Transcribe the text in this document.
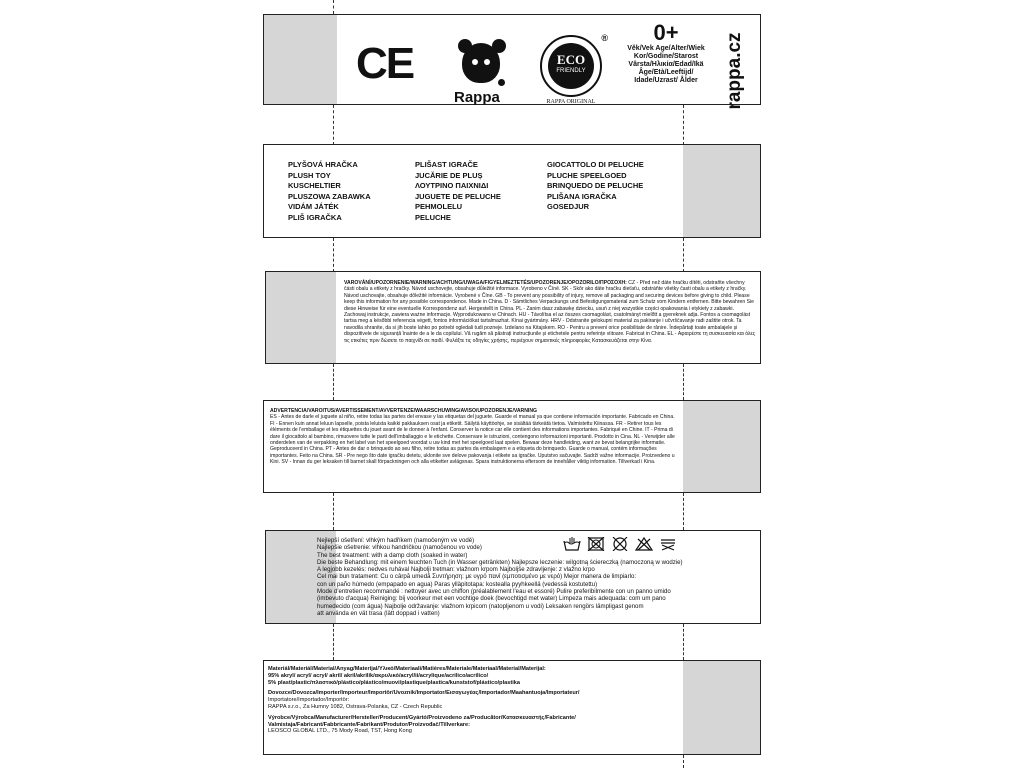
CE
Rappa
ECO
FRIENDLY
®
RAPPA ORIGINAL
0+
Věk/Vek Age/Alter/Wiek Kor/Godine/Starost Vârsta/Ηλικία/Edad/Ikä Âge/Età/Leeftijd/ Idade/Uzrast/ Ålder	rappa.cz
PLYŠOVÁ HRAČKA
PLUSH TOY
KUSCHELTIER
PLUSZOWA ZABAWKA
VIDÁM JÁTÉK
PLIŠ IGRAČKA
PLIŠAST IGRAČE
JUCĂRIE DE PLUȘ
ΛΟΥΤΡΙΝΟ ΠΑΙΧΝΙΔΙ
JUGUETE DE PELUCHE
PEHMOLELU
PELUCHE
GIOCATTOLO DI PELUCHE
PLUCHE SPEELGOED
BRINQUEDO DE PELUCHE
PLIŠANA IGRAČKA
GOSEDJUR
VAROVÁNÍ/UPOZORNENIE/WARNING/ACHTUNG/UWAGA/FIGYELMEZTETÉS/UPOZORENJE/OPOZORILO/ΠΡΟΣΟΧΗ: CZ - Před než dáte hračku dítěti, odstraňte všechny části obalu a etikety z hračky. Návod uschovejte, obsahuje důležité informace. Vyrobeno v Číně. SK - Skôr ako dáte hračku dieťaťu, odstráňte všetky časti obalu a etikety z hračky. Návod uschovajte, obsahuje dôležité informácie. Vyrobené v Číne. GB - To prevent any possibility of injury, remove all packaging and securing devices before giving to child. Please keep this information for any possible correspondence. Made in China. D - Sämtliches Verpackungs und Befestigungsmaterial zum Schutz vom Kindern entfernen. Bitte bewahren Sie diese Hinweise für eine eventuelle Korrespondenz auf. Hergestellt in China. PL - Zanim dasz zabawkę dziecku, usuń z niej wszystkie części opakowania i etykiety z zabawki. Zachowaj instrukcje, zawiera ważne informacje. Wyprodukowano w Chinach. HU - Távolítsa el az összes csomagolást, csatolmányt mielőtt a gyereknek adja. Fontos a csomagolást tartsa meg a későbbi referencia végett, fontos információkat tartalmazhat. Kínai gyártmány. HRV - Odstranite gelokupni material za pakiranje i učvršćavanje radi zaštite otrok. Ta navodila shranite, da si jih boste lahko po potrebi ogledali tudi pozneje. Izdelano na Kitajskem. RO - Pentru a preveni orice posibilitate de rănire. Îndepărtați toate ambalajele și dispozitivele de siguranță înainte de a le da copilului. Vă rugăm să păstrați instrucțiunile și etichetele pentru referințe viitoare. Fabricat in China. EL - Αφαιρέστε τη συσκευασία και όλες τις ετικέτες πριν δώσετε το παιχνίδι σε παιδί. Φυλάξτε τις οδηγίες χρήσης, περιέχουν σημαντικές πληροφορίες Κατασκευάζεται στην Κίνα.
ADVERTENCIA/VAROITUS/AVERTISSEMENT/AVVERTENZE/WAARSCHUWING/AVISO/UPOZORENJE/VARNING
ES - Antes de darle el juguete al niño, retire todas las partes del envase y las etiquetas del juguete. Guarde el manual ya que contiene información importante. Fabricado en China. FI - Ennen kuin annat leluun lapselle, poista leluista kaikki pakkauksen osat ja etiketit. Säilytä käyttöohje, se sisältää tärkeätä tietoa. Valmistettu Kiinassa. FR - Retirer tous les éléments de l'emballage et les étiquettes du jouet avant de le donner à l'enfant. Conserver la notice car elle contient des informations importantes. Fabriqué en Chine. IT - Prima di dare il giocattolo al bambino, rimuovere tutte le parti dell'imballaggio e le etichette. Conservare le istruzioni, contengono informazioni importanti. Prodotto in Cina. NL - Verwijder alle onderdelen van de verpakking en het label van het speelgoed voordat u uw kind met het speelgoed laat spelen. Bewaar deze handleiding, want ze bevat belangrijke informatie. Geproduceerd in China. PT - Antes de dar o brinquedo ao seu filho, retire todas as partes da embalagem e a etiqueta do brinquedo. Guarde o manual, contém informações importantes. Feito na China. SR - Pre nego što date igračku detetu, uklonite sve delove pakovanja i etikete sa igračke. Uputstvo sačuvajte. Sadrži važne informacije. Proizvedeno u Kini. SV - Innan du ger leksaken till barnet skall förpackningen och alla etiketter avlägsnas. Spara instruktionerna eftersom de innehåller viktig information. Tillverkad i Kina.
Nejlepší ošetření: vlhkým hadříkem (namočeným ve vodě)
Najlepšie ošetrenie: vlhkou handričkou (namočenou vo vode)
The best treatment: with a damp cloth (soaked in water)
Die beste Behandlung: mit einem feuchten Tuch (in Wasser getränkten) Najlepsze leczenie: wilgotną ściereczką (namoczoną w wodzie)
A legjobb kezelés: nedves ruhával Najbolji tretman: vlažnom krpom Najboljše zdravljenje: z vlažno krpo
Cel mai bun tratament: Cu o cârpă umedă Συντήρηση: με υγρό πανί (εμποτισμένο με νερό) Mejor manera de limpiarlo:
con un paño húmedo (empapado en agua) Paras ylläpitotapa: kostealla pyyhkeellä (vedessä kostutettu)
Mode d'entretien recommandé : nettoyer avec un chiffon (préalablement l'eau et essoré) Pulire preferibilmente con un panno umido
(imbevuto d'acqua) Reiniging: bij voorkeur met een vochtige doek (bevochtigd met water) Limpeza mais adequada: com um pano
humedecido (com água) Najbolje održavanje: vlažnom krpicom (natopljenom u vodi) Leksaken rengörs lämpligast genom
att använda en vät trasa (lätt doppad i vatten)

Materiál/Materiál/Material/Anyag/Materijal/Υλικό/Materiaali/Matières/Materiale/Materiaal/Material/Materijal:
95% akryl/ acryl/ acryl/ akril/ akril/akrilik/ακρυλικό/acryl/ii/acrylique/acrilico/acrilico/
5% plast/plastic/πλαστικό/plástico/plástico/muovi/plastique/plastica/kunststof/plástico/plastika

Dovozce/Dovozca/Importer/Importeur/Importör/Uvoznik/Importator/Εισαγωγέας/Importador/Maahantuoja/Importateur/
Importatore/Importador/Importör:
RAPPA s.r.o., Za Humny 1082, Ostrava-Polanka, CZ - Czech Republic

Výrobce/Výrobca/Manufacturer/Hersteller/Producent/Gyártó/Proizvodeno za/Producător/Κατασκευαστής/Fabricante/
Valmistaja/Fabricant/Fabbricante/Fabrikant/Produtor/Proizvođač/Tillverkare:
LEOSCO GLOBAL LTD., 75 Mody Road, TST, Hong Kong
